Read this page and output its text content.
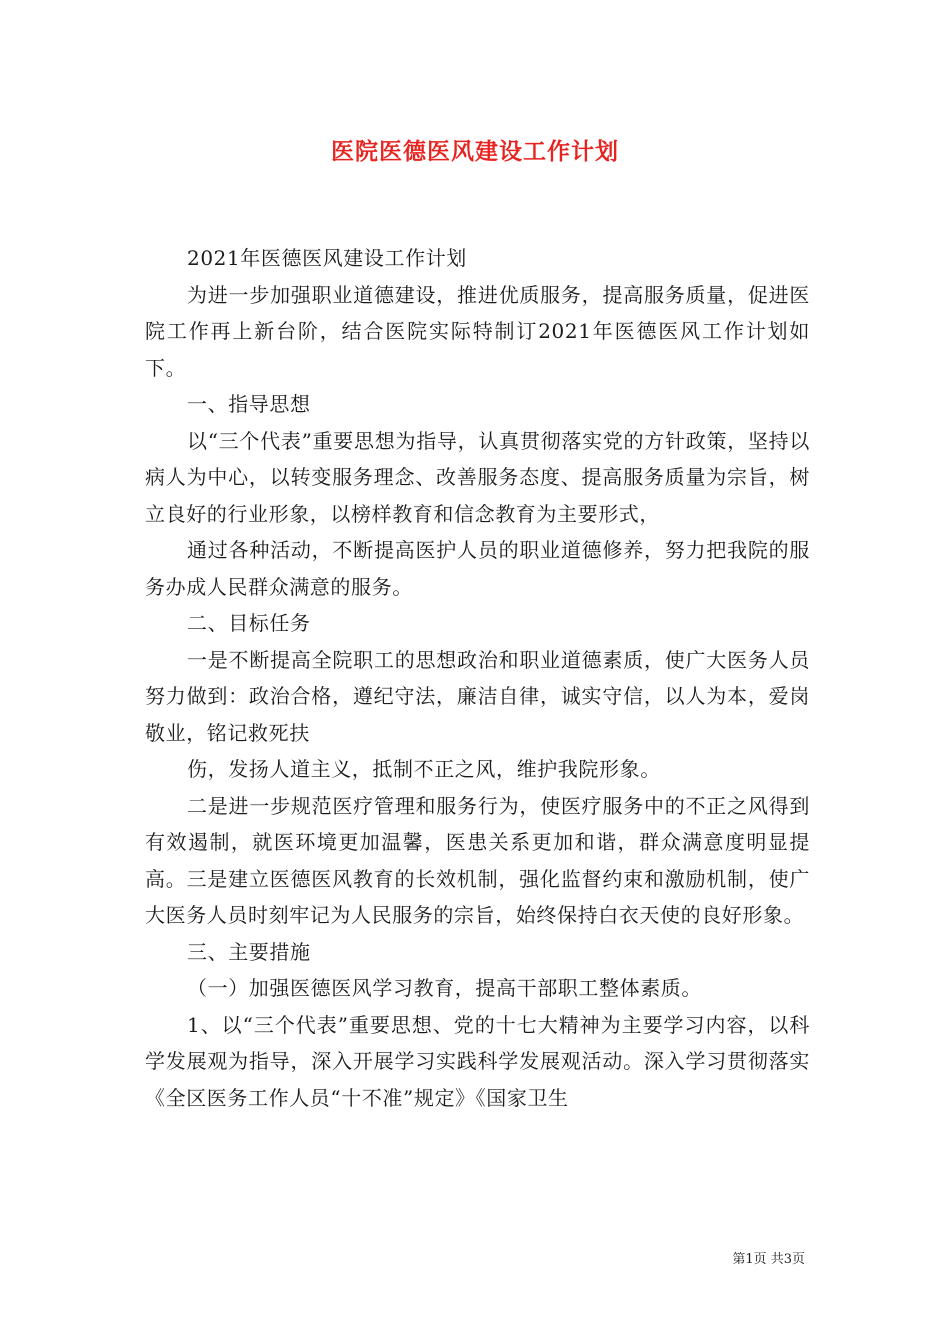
医院医德医风建设工作计划

2021年医德医风建设工作计划

为进一步加强职业道德建设，推进优质服务，提高服务质量，促进医院工作再上新台阶，结合医院实际特制订2021年医德医风工作计划如下。

一、指导思想

以“三个代表”重要思想为指导，认真贯彻落实党的方针政策，坚持以病人为中心，以转变服务理念、改善服务态度、提高服务质量为宗旨，树立良好的行业形象，以榜样教育和信念教育为主要形式，

通过各种活动，不断提高医护人员的职业道德修养，努力把我院的服务办成人民群众满意的服务。

二、目标任务

一是不断提高全院职工的思想政治和职业道德素质，使广大医务人员努力做到：政治合格，遵纪守法，廉洁自律，诚实守信，以人为本，爱岗敬业，铭记救死扶

伤，发扬人道主义，抵制不正之风，维护我院形象。

二是进一步规范医疗管理和服务行为，使医疗服务中的不正之风得到有效遏制，就医环境更加温馨，医患关系更加和谐，群众满意度明显提高。三是建立医德医风教育的长效机制，强化监督约束和激励机制，使广大医务人员时刻牢记为人民服务的宗旨，始终保持白衣天使的良好形象。

三、主要措施

（一）加强医德医风学习教育，提高干部职工整体素质。

1、以“三个代表”重要思想、党的十七大精神为主要学习内容，以科学发展观为指导，深入开展学习实践科学发展观活动。深入学习贯彻落实《全区医务工作人员“十不准”规定》《国家卫生

第1页 共3页
